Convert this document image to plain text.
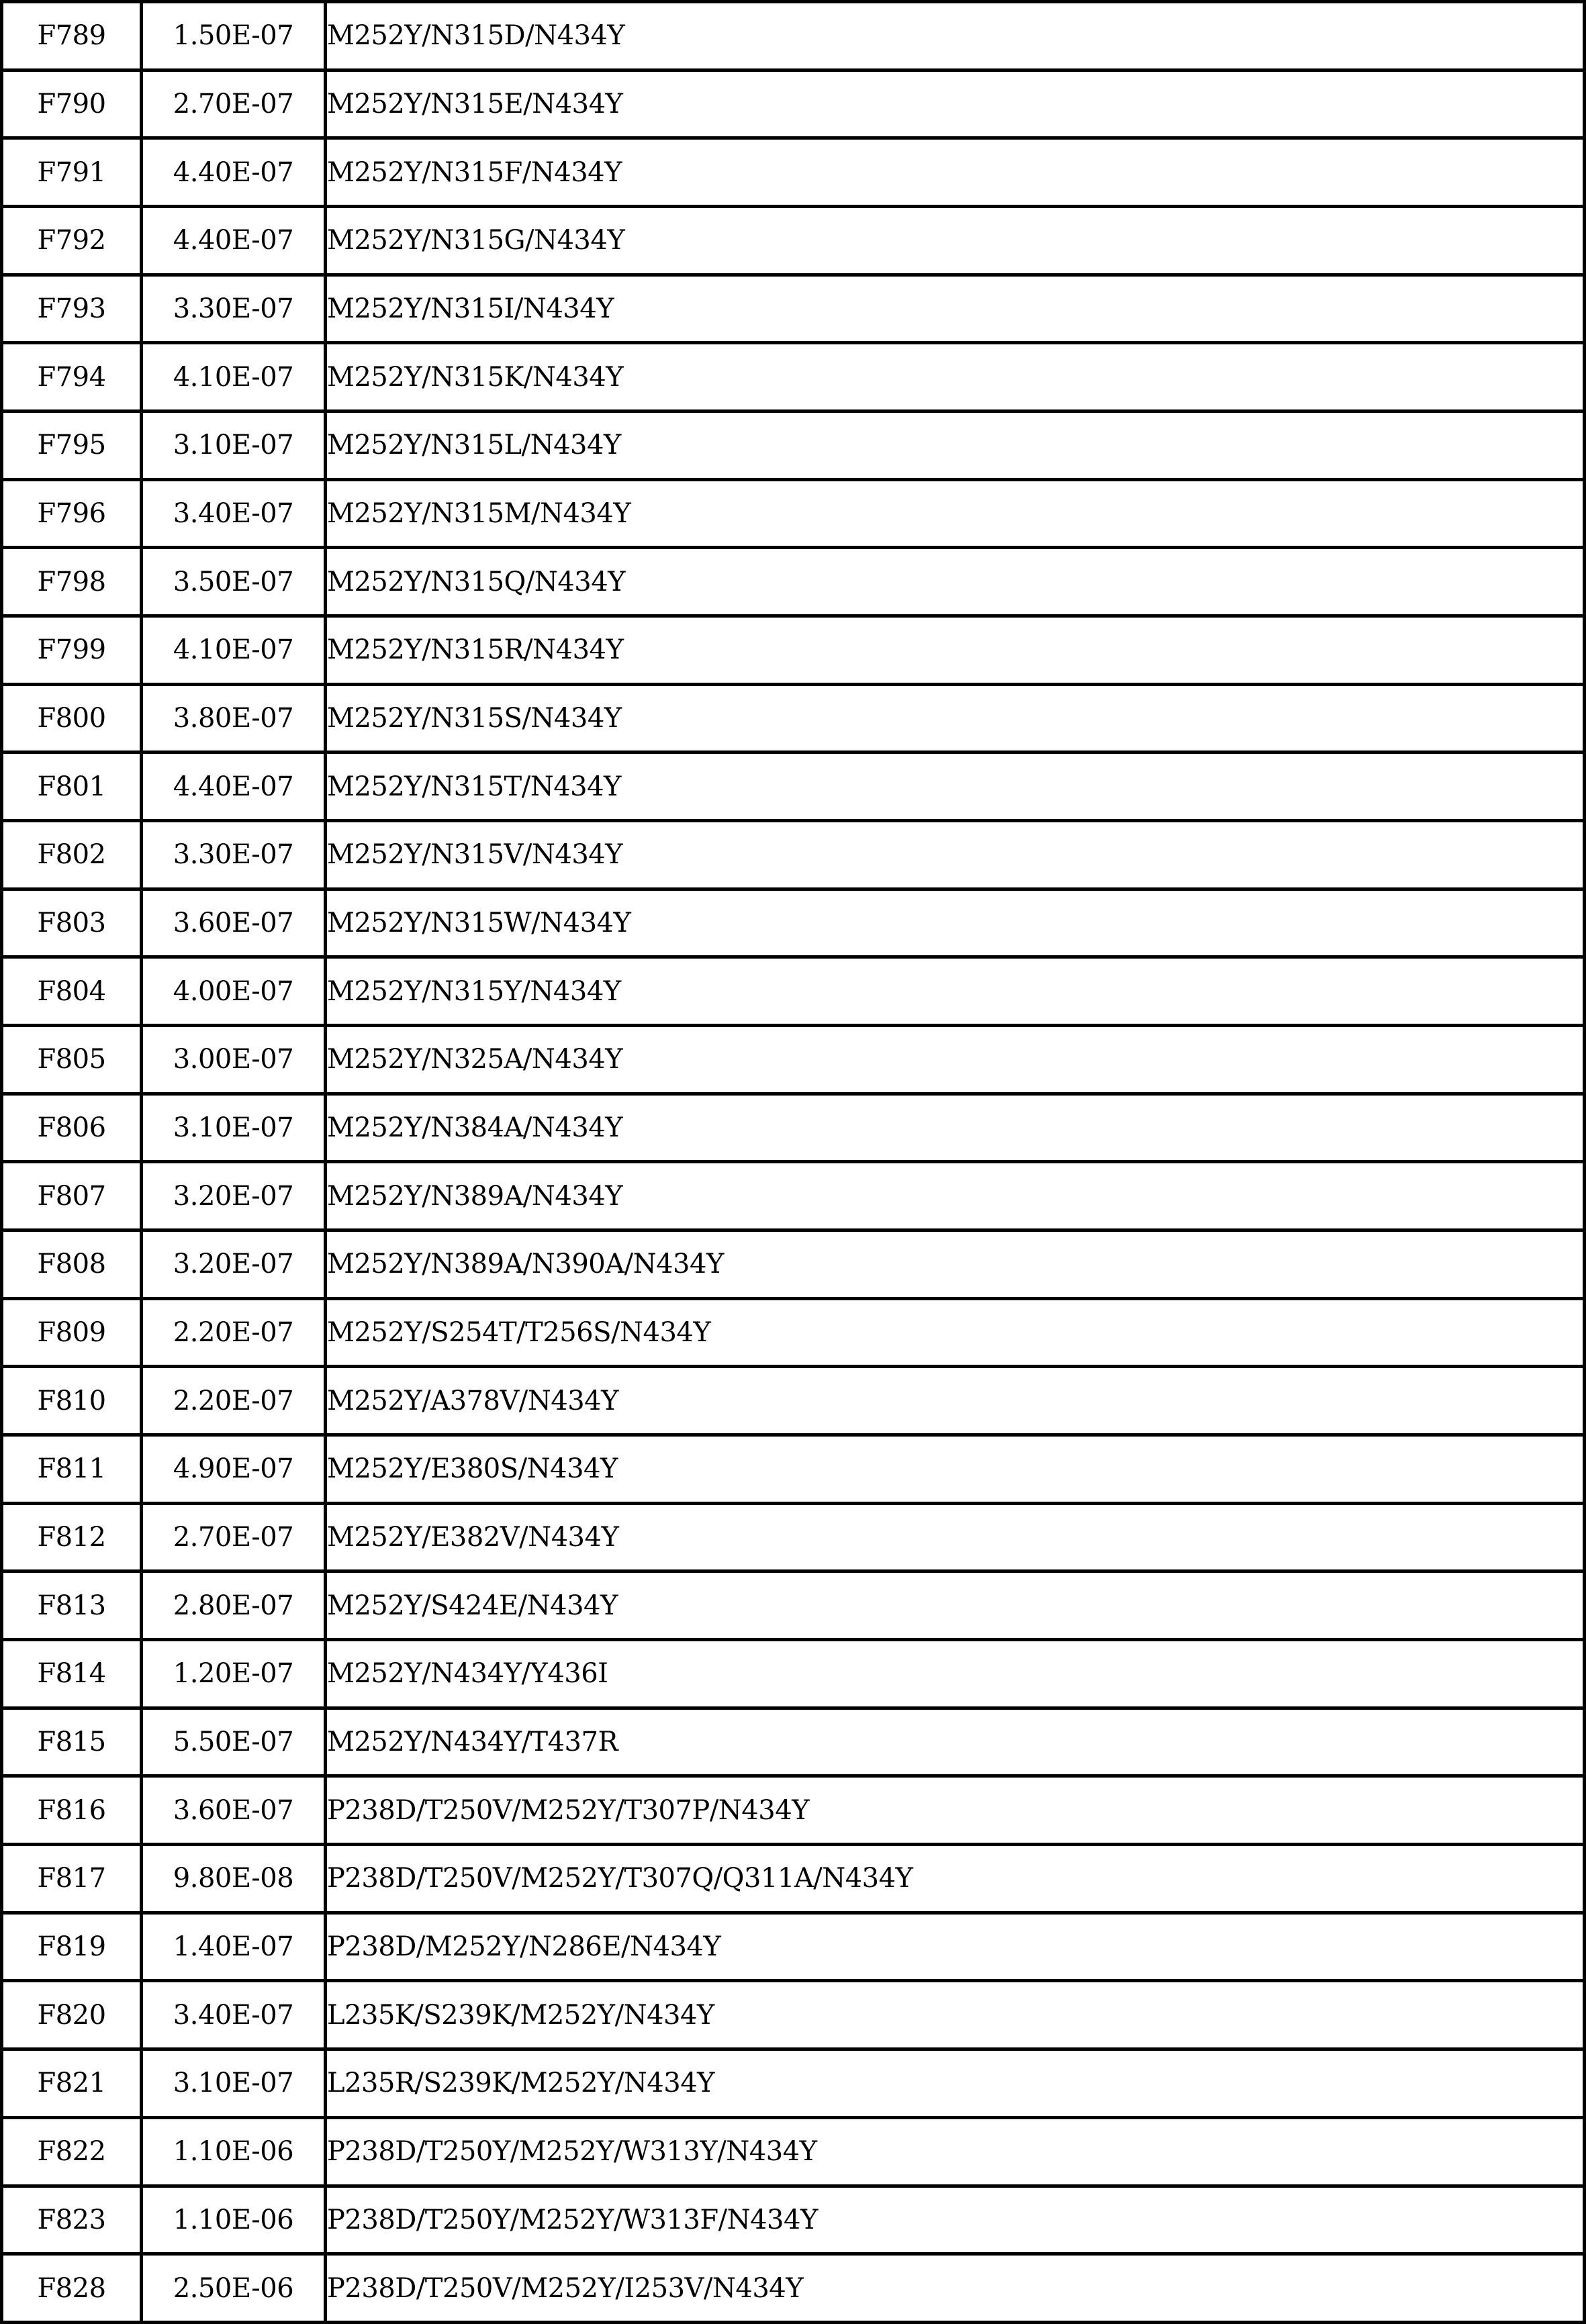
F789	1.50E-07	M252Y/N315D/N434Y
F790	2.70E-07	M252Y/N315E/N434Y
F791	4.40E-07	M252Y/N315F/N434Y
F792	4.40E-07	M252Y/N315G/N434Y
F793	3.30E-07	M252Y/N315I/N434Y
F794	4.10E-07	M252Y/N315K/N434Y
F795	3.10E-07	M252Y/N315L/N434Y
F796	3.40E-07	M252Y/N315M/N434Y
F798	3.50E-07	M252Y/N315Q/N434Y
F799	4.10E-07	M252Y/N315R/N434Y
F800	3.80E-07	M252Y/N315S/N434Y
F801	4.40E-07	M252Y/N315T/N434Y
F802	3.30E-07	M252Y/N315V/N434Y
F803	3.60E-07	M252Y/N315W/N434Y
F804	4.00E-07	M252Y/N315Y/N434Y
F805	3.00E-07	M252Y/N325A/N434Y
F806	3.10E-07	M252Y/N384A/N434Y
F807	3.20E-07	M252Y/N389A/N434Y
F808	3.20E-07	M252Y/N389A/N390A/N434Y
F809	2.20E-07	M252Y/S254T/T256S/N434Y
F810	2.20E-07	M252Y/A378V/N434Y
F811	4.90E-07	M252Y/E380S/N434Y
F812	2.70E-07	M252Y/E382V/N434Y
F813	2.80E-07	M252Y/S424E/N434Y
F814	1.20E-07	M252Y/N434Y/Y436I
F815	5.50E-07	M252Y/N434Y/T437R
F816	3.60E-07	P238D/T250V/M252Y/T307P/N434Y
F817	9.80E-08	P238D/T250V/M252Y/T307Q/Q311A/N434Y
F819	1.40E-07	P238D/M252Y/N286E/N434Y
F820	3.40E-07	L235K/S239K/M252Y/N434Y
F821	3.10E-07	L235R/S239K/M252Y/N434Y
F822	1.10E-06	P238D/T250Y/M252Y/W313Y/N434Y
F823	1.10E-06	P238D/T250Y/M252Y/W313F/N434Y
F828	2.50E-06	P238D/T250V/M252Y/I253V/N434Y
